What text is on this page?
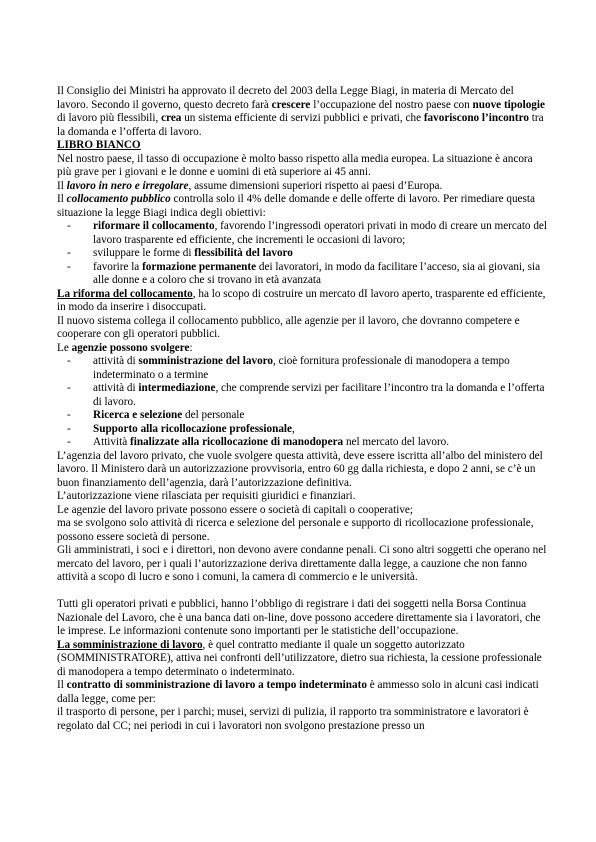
Il Consiglio dei Ministri ha approvato il decreto del 2003 della Legge Biagi, in materia di Mercato del lavoro. Secondo il governo, questo decreto farà crescere l’occupazione del nostro paese con nuove tipologie di lavoro più flessibili, crea un sistema efficiente di servizi pubblici e privati, che favoriscono l’incontro tra la domanda e l’offerta di lavoro.

LIBRO BIANCO

Nel nostro paese, il tasso di occupazione è molto basso rispetto alla media europea. La situazione è ancora più grave per i giovani e le donne e uomini di età superiore ai 45 anni.

Il lavoro in nero e irregolare, assume dimensioni superiori rispetto ai paesi d’Europa.

Il collocamento pubblico controlla solo il 4% delle domande e delle offerte di lavoro. Per rimediare questa situazione la legge Biagi indica degli obiettivi:

- riformare il collocamento, favorendo l’ingressodi operatori privati in modo di creare un mercato del lavoro trasparente ed efficiente, che incrementi le occasioni di lavoro;
- sviluppare le forme di flessibilità del lavoro
- favorire la formazione permanente dei lavoratori, in modo da facilitare l’acceso, sia ai giovani, sia alle donne e a coloro che si trovano in età avanzata

La riforma del collocamento, ha lo scopo di costruire un mercato dI lavoro aperto, trasparente ed efficiente, in modo da inserire i disoccupati.

Il nuovo sistema collega il collocamento pubblico, alle agenzie per il lavoro, che dovranno competere e cooperare con gli operatori pubblici.

Le agenzie possono svolgere:

- attività di somministrazione del lavoro, cioè fornitura professionale di manodopera a tempo indeterminato o a termine
- attività di intermediazione, che comprende servizi per facilitare l’incontro tra la domanda e l’offerta di lavoro.
- Ricerca e selezione del personale
- Supporto alla ricollocazione professionale,
- Attività finalizzate alla ricollocazione di manodopera nel mercato del lavoro.

L’agenzia del lavoro privato, che vuole svolgere questa attività, deve essere iscritta all’albo del ministero del lavoro. Il Ministero darà un autorizzazione provvisoria, entro 60 gg dalla richiesta, e dopo 2 anni, se c’è un buon finanziamento dell’agenzia, darà l’autorizzazione definitiva.

L’autorizzazione viene rilasciata per requisiti giuridici e finanziari.

Le agenzie del lavoro private possono essere o società di capitali o cooperative;

ma se svolgono solo attività di ricerca e selezione del personale e supporto di ricollocazione professionale, possono essere società di persone.

Gli amministrati, i soci e i direttori, non devono avere condanne penali. Ci sono altri soggetti che operano nel mercato del lavoro, per i quali l’autorizzazione deriva direttamente dalla legge, a cauzione che non fanno attività a scopo di lucro e sono i comuni, la camera di commercio e le università.

Tutti gli operatori privati e pubblici, hanno l’obbligo di registrare i dati dei soggetti nella Borsa Continua Nazionale del Lavoro, che è una banca dati on-line, dove possono accedere direttamente sia i lavoratori, che le imprese. Le informazioni contenute sono importanti per le statistiche dell’occupazione.

La somministrazione di lavoro, è quel contratto mediante il quale un soggetto autorizzato (SOMMINISTRATORE), attiva nei confronti dell’utilizzatore, dietro sua richiesta, la cessione professionale di manodopera a tempo determinato o indeterminato.

Il contratto di somministrazione di lavoro a tempo indeterminato è ammesso solo in alcuni casi indicati dalla legge, come per:

il trasporto di persone, per i parchi; musei, servizi di pulizia, il rapporto tra somministratore e lavoratori è regolato dal CC; nei periodi in cui i lavoratori non svolgono prestazione presso un
